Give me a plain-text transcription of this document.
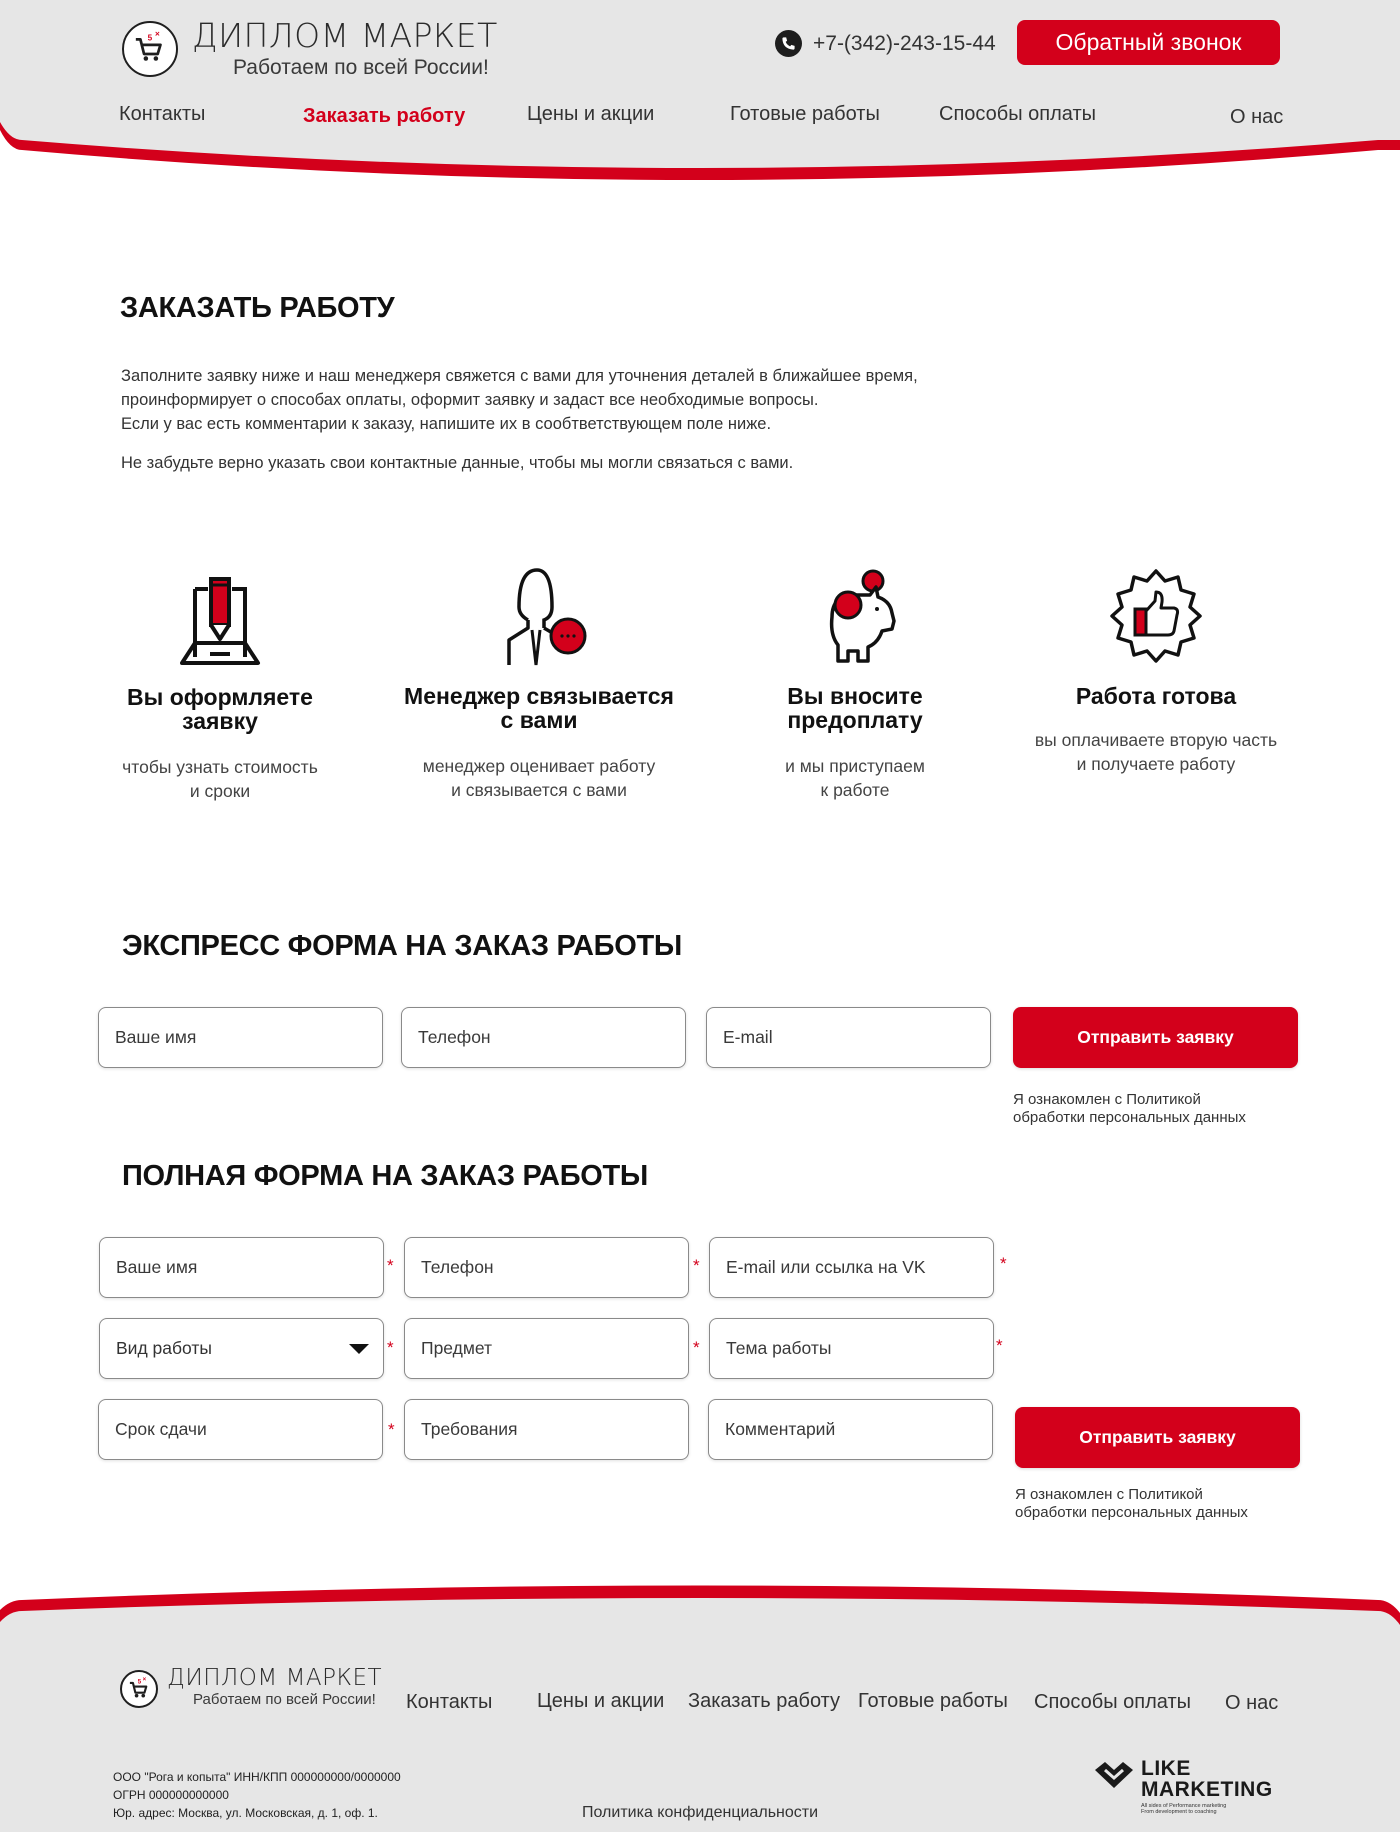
5 × ДИПЛОМ МАРКЕТ
Работаем по всей России!
+7-(342)-243-15-44	Обратный звонок
Контакты	Заказать работу	Цены и акции	Готовые работы	Способы оплаты	О нас
ЗАКАЗАТЬ РАБОТУ

Заполните заявку ниже и наш менеджеря свяжется с вами для уточнения деталей в ближайшее время,

проинформирует о способах оплаты, оформит заявку и задаст все необходимые вопросы.

Если у вас есть комментарии к заказу, напишите их в сообтветствующем поле ниже.

Не забудьте верно указать свои контактные данные, чтобы мы могли связаться с вами.

Вы оформляете
заявку
чтобы узнать стоимость
и сроки
Менеджер связывается
с вами
менеджер оценивает работу
и связывается с вами
Вы вносите
предоплату
и мы приступаем
к работе
Работа готова
вы оплачиваете вторую часть
и получаете работу
ЭКСПРЕСС ФОРМА НА ЗАКАЗ РАБОТЫ
Ваше имя
Телефон
E-mail
Отправить заявку
Я ознакомлен с Политикой
обработки персональных данных
ПОЛНАЯ ФОРМА НА ЗАКАЗ РАБОТЫ
Ваше имя
*
Телефон	*
E-mail или ссылка на VK	*
Вид работы	*
Предмет	*
Тема работы	*
Срок сдачи
*
Требования
Комментарий	Отправить заявку
Я ознакомлен с Политикой
обработки персональных данных
5 × ДИПЛОМ МАРКЕТ
Работаем по всей России!	Контакты Цены и акции Заказать работу Готовые работы Способы оплаты О нас
ООО "Рога и копыта" ИНН/КПП 000000000/0000000
ОГРН 000000000000
Юр. адрес: Москва, ул. Московская, д. 1, оф. 1.	Политика конфиденциальности
LIKE
MARKETING
All sides of Performance marketing
From development to coaching
